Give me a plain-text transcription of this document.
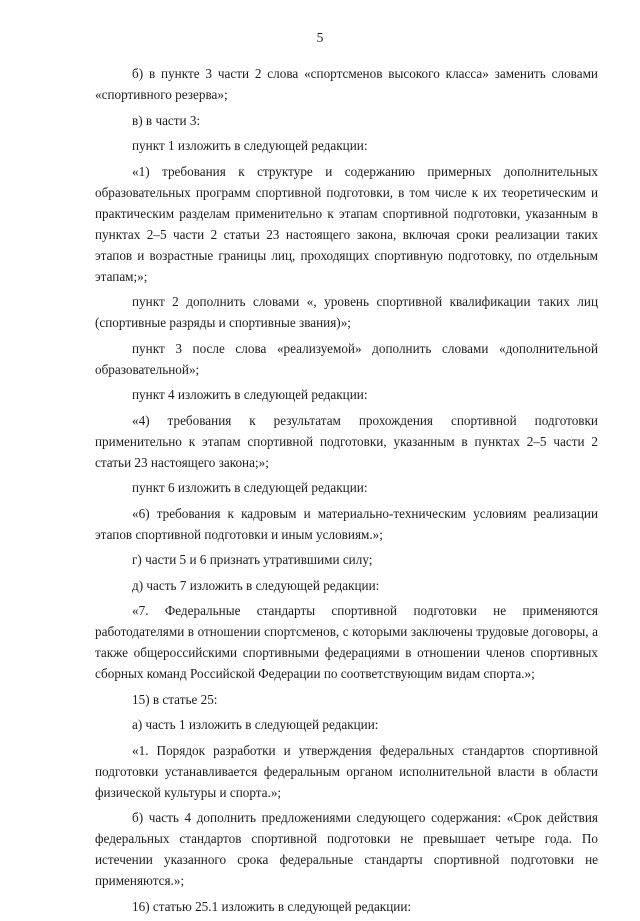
5

б) в пункте 3 части 2 слова «спортсменов высокого класса» заменить словами «спортивного резерва»;

в) в части 3:

пункт 1 изложить в следующей редакции:

«1) требования к структуре и содержанию примерных дополнительных образовательных программ спортивной подготовки, в том числе к их теоретическим и практическим разделам применительно к этапам спортивной подготовки, указанным в пунктах 2–5 части 2 статьи 23 настоящего закона, включая сроки реализации таких этапов и возрастные границы лиц, проходящих спортивную подготовку, по отдельным этапам;»;

пункт 2 дополнить словами «, уровень спортивной квалификации таких лиц (спортивные разряды и спортивные звания)»;

пункт 3 после слова «реализуемой» дополнить словами «дополнительной образовательной»;

пункт 4 изложить в следующей редакции:

«4) требования к результатам прохождения спортивной подготовки применительно к этапам спортивной подготовки, указанным в пунктах 2–5 части 2 статьи 23 настоящего закона;»;

пункт 6 изложить в следующей редакции:

«6) требования к кадровым и материально-техническим условиям реализации этапов спортивной подготовки и иным условиям.»;

г) части 5 и 6 признать утратившими силу;

д) часть 7 изложить в следующей редакции:

«7. Федеральные стандарты спортивной подготовки не применяются работодателями в отношении спортсменов, с которыми заключены трудовые договоры, а также общероссийскими спортивными федерациями в отношении членов спортивных сборных команд Российской Федерации по соответствующим видам спорта.»;

15) в статье 25:

а) часть 1 изложить в следующей редакции:

«1. Порядок разработки и утверждения федеральных стандартов спортивной подготовки устанавливается федеральным органом исполнительной власти в области физической культуры и спорта.»;

б) часть 4 дополнить предложениями следующего содержания: «Срок действия федеральных стандартов спортивной подготовки не превышает четыре года. По истечении указанного срока федеральные стандарты спортивной подготовки не применяются.»;

16) статью 25.1 изложить в следующей редакции:
